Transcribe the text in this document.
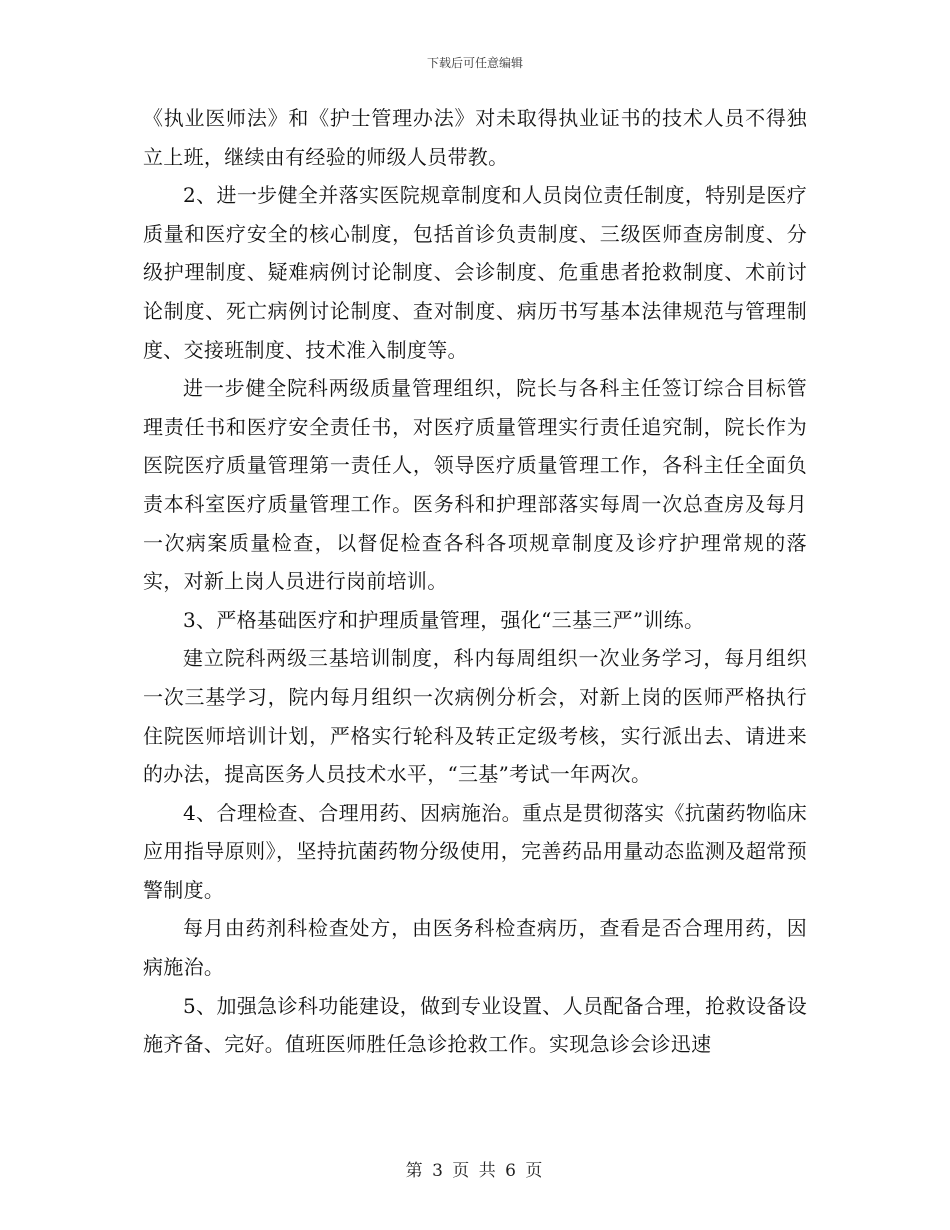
下载后可任意编辑

《执业医师法》和《护士管理办法》对未取得执业证书的技术人员不得独立上班，继续由有经验的师级人员带教。

2、进一步健全并落实医院规章制度和人员岗位责任制度，特别是医疗质量和医疗安全的核心制度，包括首诊负责制度、三级医师查房制度、分级护理制度、疑难病例讨论制度、会诊制度、危重患者抢救制度、术前讨论制度、死亡病例讨论制度、查对制度、病历书写基本法律规范与管理制度、交接班制度、技术准入制度等。

进一步健全院科两级质量管理组织，院长与各科主任签订综合目标管理责任书和医疗安全责任书，对医疗质量管理实行责任追究制，院长作为医院医疗质量管理第一责任人，领导医疗质量管理工作，各科主任全面负责本科室医疗质量管理工作。医务科和护理部落实每周一次总查房及每月一次病案质量检查，以督促检查各科各项规章制度及诊疗护理常规的落实，对新上岗人员进行岗前培训。

3、严格基础医疗和护理质量管理，强化“三基三严”训练。

建立院科两级三基培训制度，科内每周组织一次业务学习，每月组织一次三基学习，院内每月组织一次病例分析会，对新上岗的医师严格执行住院医师培训计划，严格实行轮科及转正定级考核，实行派出去、请进来的办法，提高医务人员技术水平，“三基”考试一年两次。

4、合理检查、合理用药、因病施治。重点是贯彻落实《抗菌药物临床应用指导原则》，坚持抗菌药物分级使用，完善药品用量动态监测及超常预警制度。

每月由药剂科检查处方，由医务科检查病历，查看是否合理用药，因病施治。

5、加强急诊科功能建设，做到专业设置、人员配备合理，抢救设备设施齐备、完好。值班医师胜任急诊抢救工作。实现急诊会诊迅速

第 3 页 共 6 页
